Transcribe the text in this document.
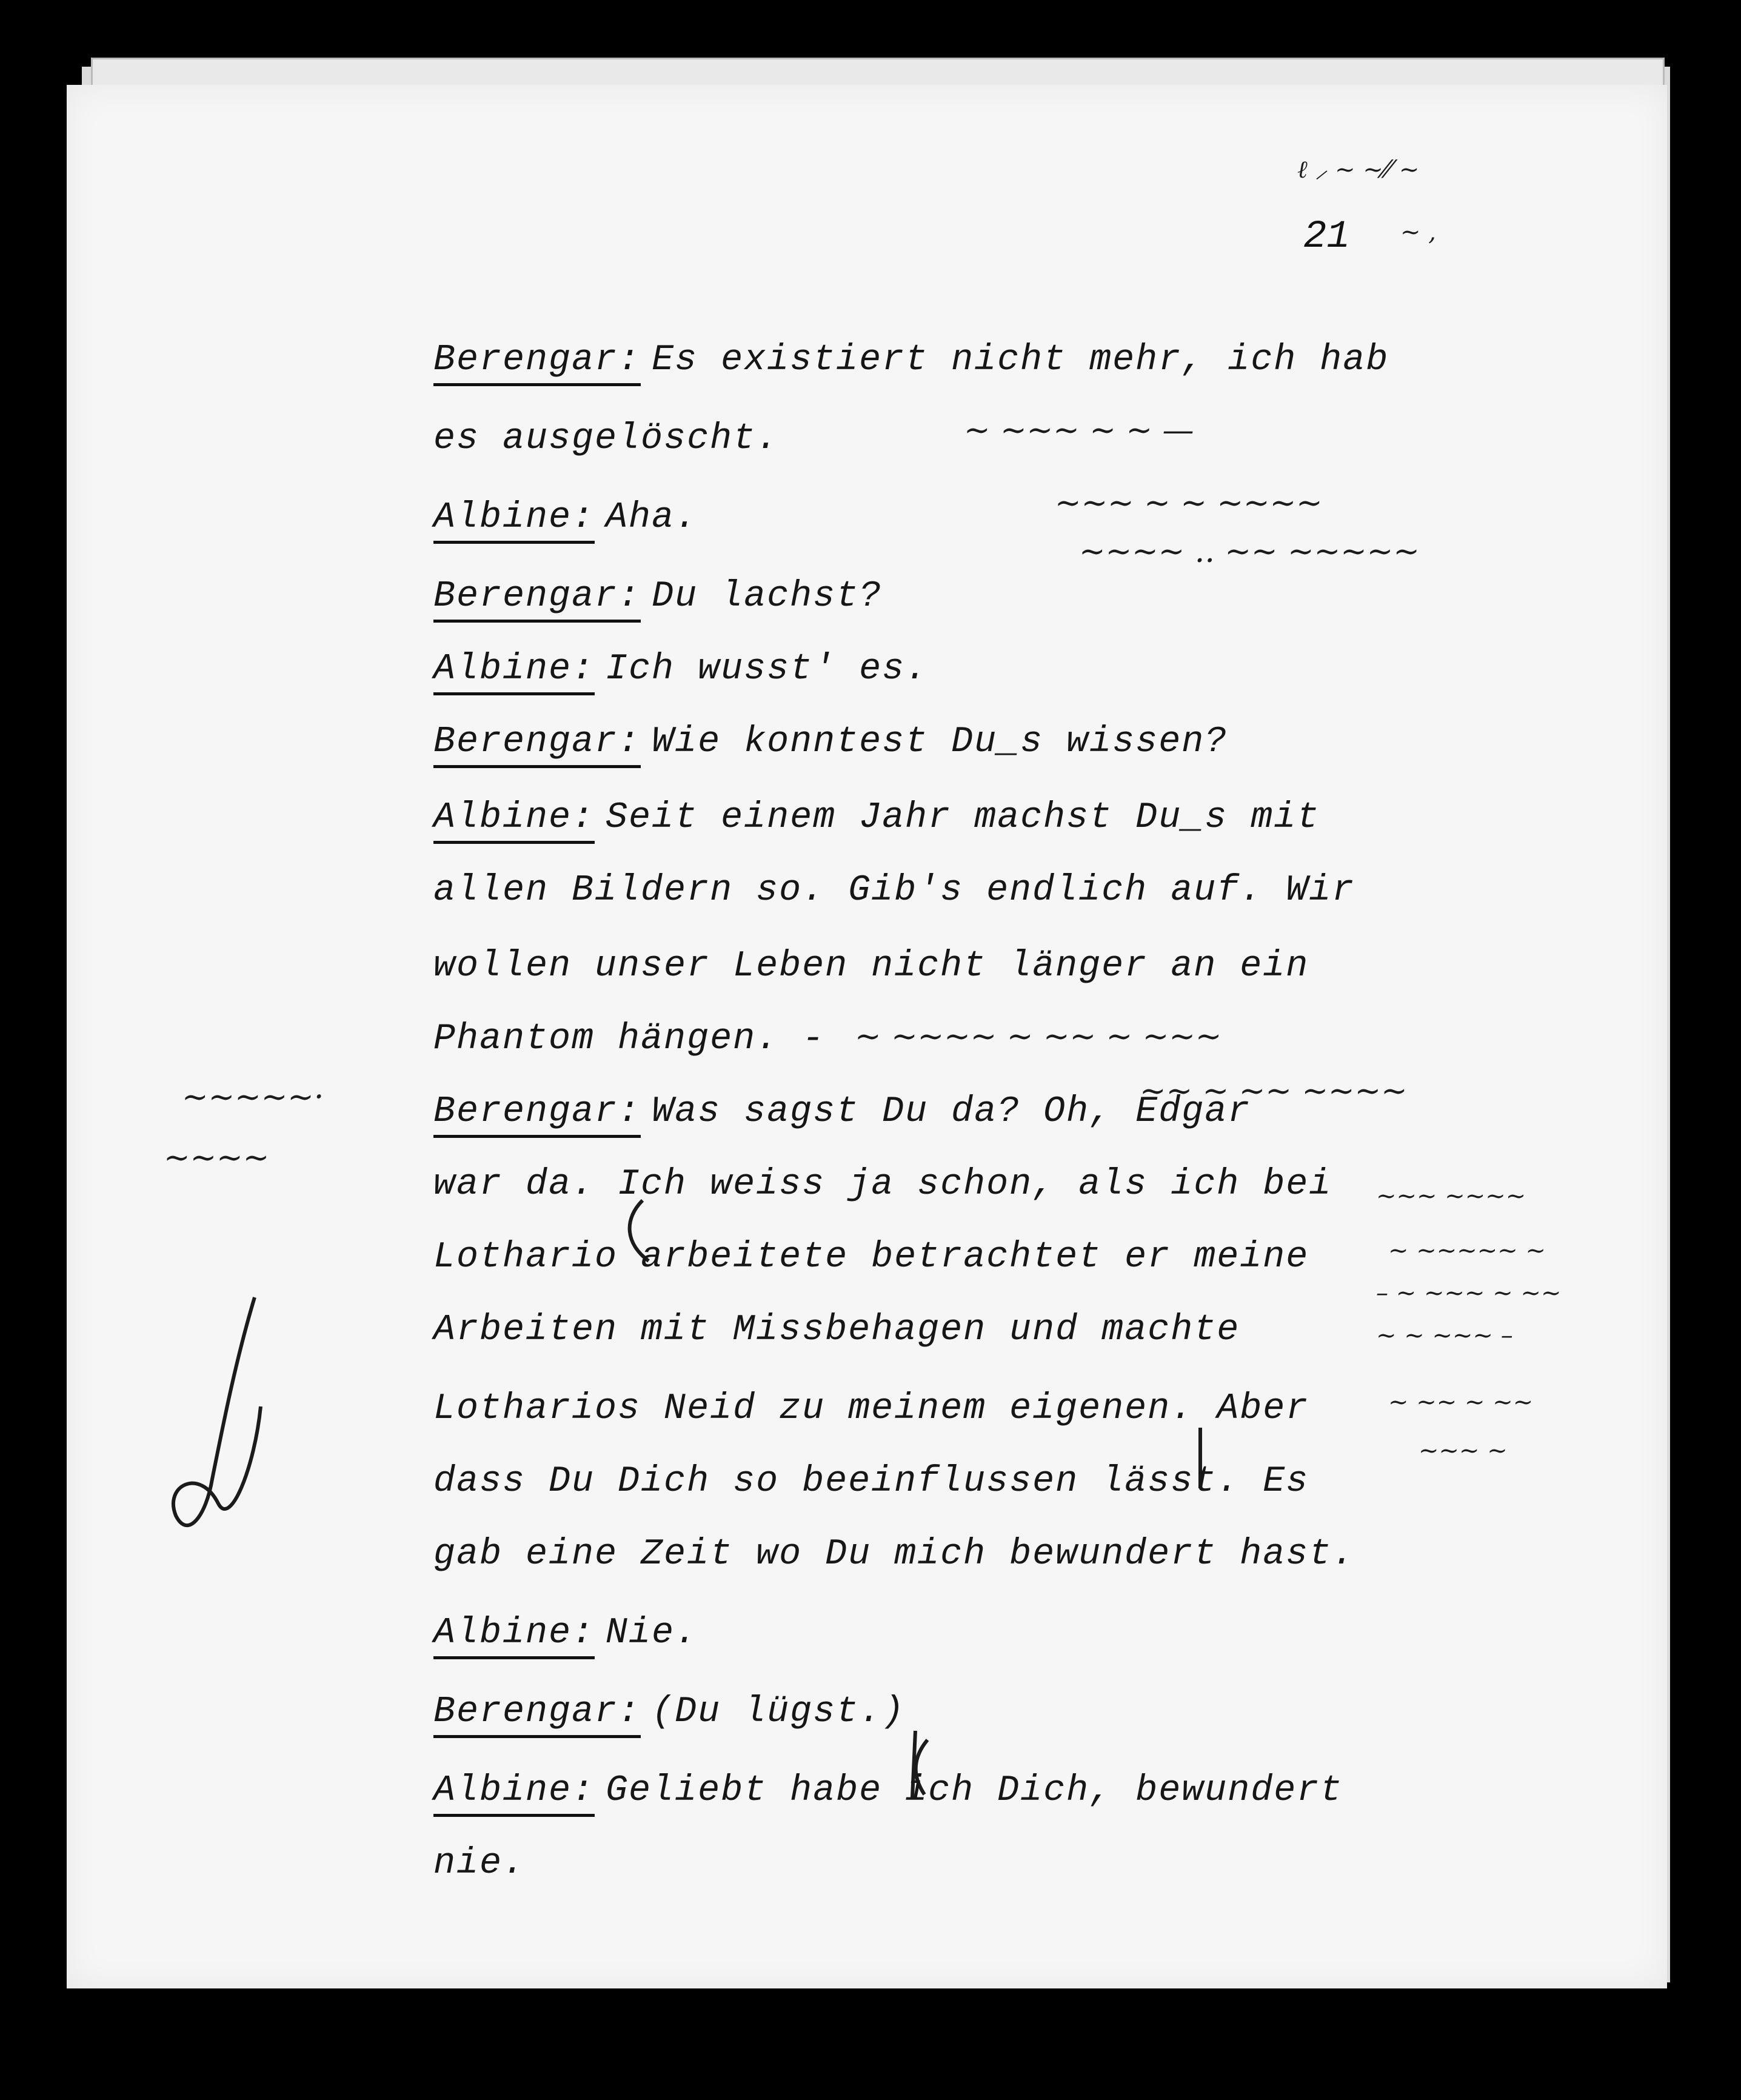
21
ℓ ⸝ ~ ~⁄⁄ ~
~ ,
~ ~~~ ~ ~ —
~~~ ~ ~ ~~~~
~~~~ .. ~~ ~~~~~
~ ~~~~ ~ ~~ ~ ~~~
~~ ~ ~~ ~~~~
~~~~~·
~~~~
~~~ ~~~~
~ ~~~~~ ~
– ~ ~~~ ~ ~~
~ ~ ~~~ –
~ ~~ ~ ~~
~~~ ~
Berengar: Es existiert nicht mehr, ich hab
es ausgelöscht.
Albine: Aha.
Berengar: Du lachst?
Albine: Ich wusst' es.
Berengar: Wie konntest Du_s wissen?
Albine: Seit einem Jahr machst Du_s mit
allen Bildern so. Gib's endlich auf. Wir
wollen unser Leben nicht länger an ein
Phantom hängen. -
Berengar: Was sagst Du da? Oh, Edgar
war da. Ich weiss ja schon, als ich bei
Lothario arbeitete betrachtet er meine
Arbeiten mit Missbehagen und machte
Lotharios Neid zu meinem eigenen. Aber
dass Du Dich so beeinflussen lässt. Es
gab eine Zeit wo Du mich bewundert hast.
Albine: Nie.
Berengar: (Du lügst.)
Albine: Geliebt habe ich Dich, bewundert
nie.
